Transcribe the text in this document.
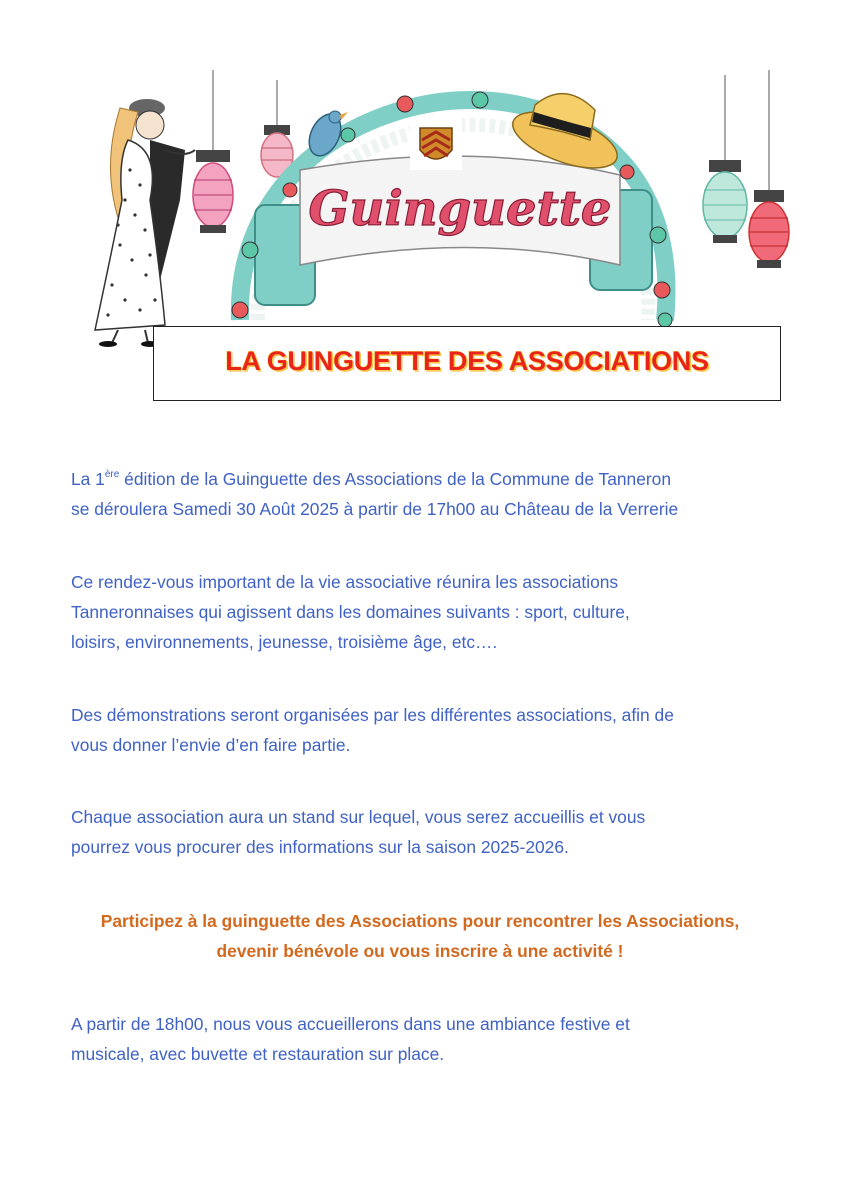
Guinguette
LA GUINGUETTE DES ASSOCIATIONS
La 1ère édition de la Guinguette des Associations de la Commune de Tanneron
se déroulera Samedi 30 Août 2025 à partir de 17h00 au Château de la Verrerie
Ce rendez-vous important de la vie associative réunira les associations
Tanneronnaises qui agissent dans les domaines suivants : sport, culture,
loisirs, environnements, jeunesse, troisième âge, etc….
Des démonstrations seront organisées par les différentes associations, afin de
vous donner l’envie d’en faire partie.
Chaque association aura un stand sur lequel, vous serez accueillis et vous
pourrez vous procurer des informations sur la saison 2025-2026.
Participez à la guinguette des Associations pour rencontrer les Associations,
devenir bénévole ou vous inscrire à une activité !
A partir de 18h00, nous vous accueillerons dans une ambiance festive et
musicale, avec buvette et restauration sur place.
